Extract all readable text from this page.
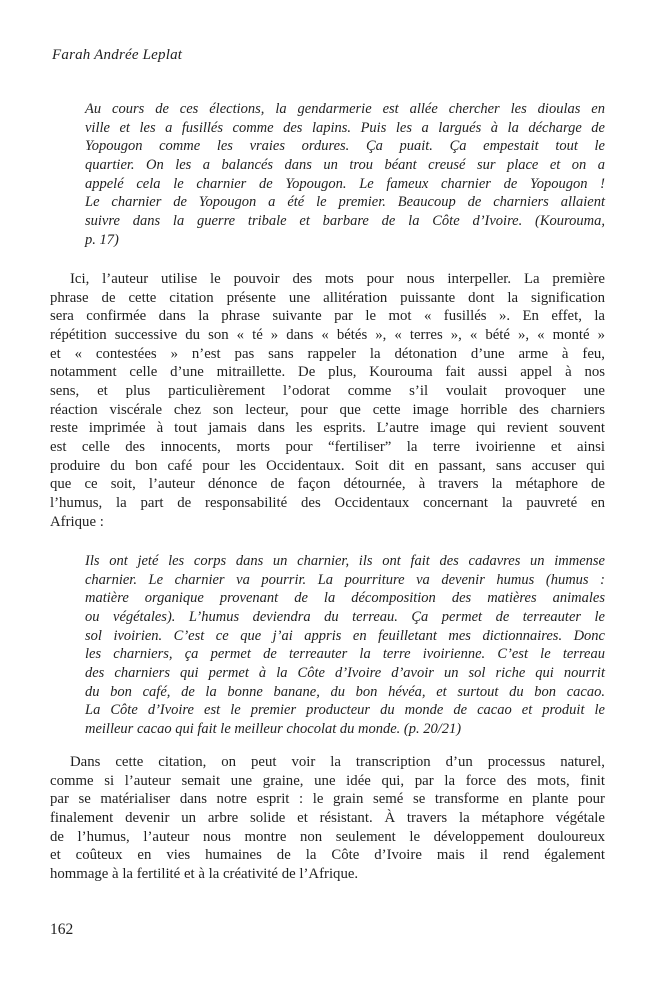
Farah Andrée Leplat
Au cours de ces élections, la gendarmerie est allée chercher les dioulas en
ville et les a fusillés comme des lapins. Puis les a largués à la décharge de
Yopougon comme les vraies ordures. Ça puait. Ça empestait tout le
quartier. On les a balancés dans un trou béant creusé sur place et on a
appelé cela le charnier de Yopougon. Le fameux charnier de Yopougon !
Le charnier de Yopougon a été le premier. Beaucoup de charniers allaient
suivre dans la guerre tribale et barbare de la Côte d’Ivoire. (Kourouma,
p. 17)
Ici, l’auteur utilise le pouvoir des mots pour nous interpeller. La première
phrase de cette citation présente une allitération puissante dont la signification
sera confirmée dans la phrase suivante par le mot « fusillés ». En effet, la
répétition successive du son « té » dans « bétés », « terres », « bété », « monté »
et « contestées » n’est pas sans rappeler la détonation d’une arme à feu,
notamment celle d’une mitraillette. De plus, Kourouma fait aussi appel à nos
sens, et plus particulièrement l’odorat comme s’il voulait provoquer une
réaction viscérale chez son lecteur, pour que cette image horrible des charniers
reste imprimée à tout jamais dans les esprits. L’autre image qui revient souvent
est celle des innocents, morts pour “fertiliser” la terre ivoirienne et ainsi
produire du bon café pour les Occidentaux. Soit dit en passant, sans accuser qui
que ce soit, l’auteur dénonce de façon détournée, à travers la métaphore de
l’humus, la part de responsabilité des Occidentaux concernant la pauvreté en
Afrique :
Ils ont jeté les corps dans un charnier, ils ont fait des cadavres un immense
charnier. Le charnier va pourrir. La pourriture va devenir humus (humus :
matière organique provenant de la décomposition des matières animales
ou végétales). L’humus deviendra du terreau. Ça permet de terreauter le
sol ivoirien. C’est ce que j’ai appris en feuilletant mes dictionnaires. Donc
les charniers, ça permet de terreauter la terre ivoirienne. C’est le terreau
des charniers qui permet à la Côte d’Ivoire d’avoir un sol riche qui nourrit
du bon café, de la bonne banane, du bon hévéa, et surtout du bon cacao.
La Côte d’Ivoire est le premier producteur du monde de cacao et produit le
meilleur cacao qui fait le meilleur chocolat du monde. (p. 20/21)
Dans cette citation, on peut voir la transcription d’un processus naturel,
comme si l’auteur semait une graine, une idée qui, par la force des mots, finit
par se matérialiser dans notre esprit : le grain semé se transforme en plante pour
finalement devenir un arbre solide et résistant. À travers la métaphore végétale
de l’humus, l’auteur nous montre non seulement le développement douloureux
et coûteux en vies humaines de la Côte d’Ivoire mais il rend également
hommage à la fertilité et à la créativité de l’Afrique.
162
